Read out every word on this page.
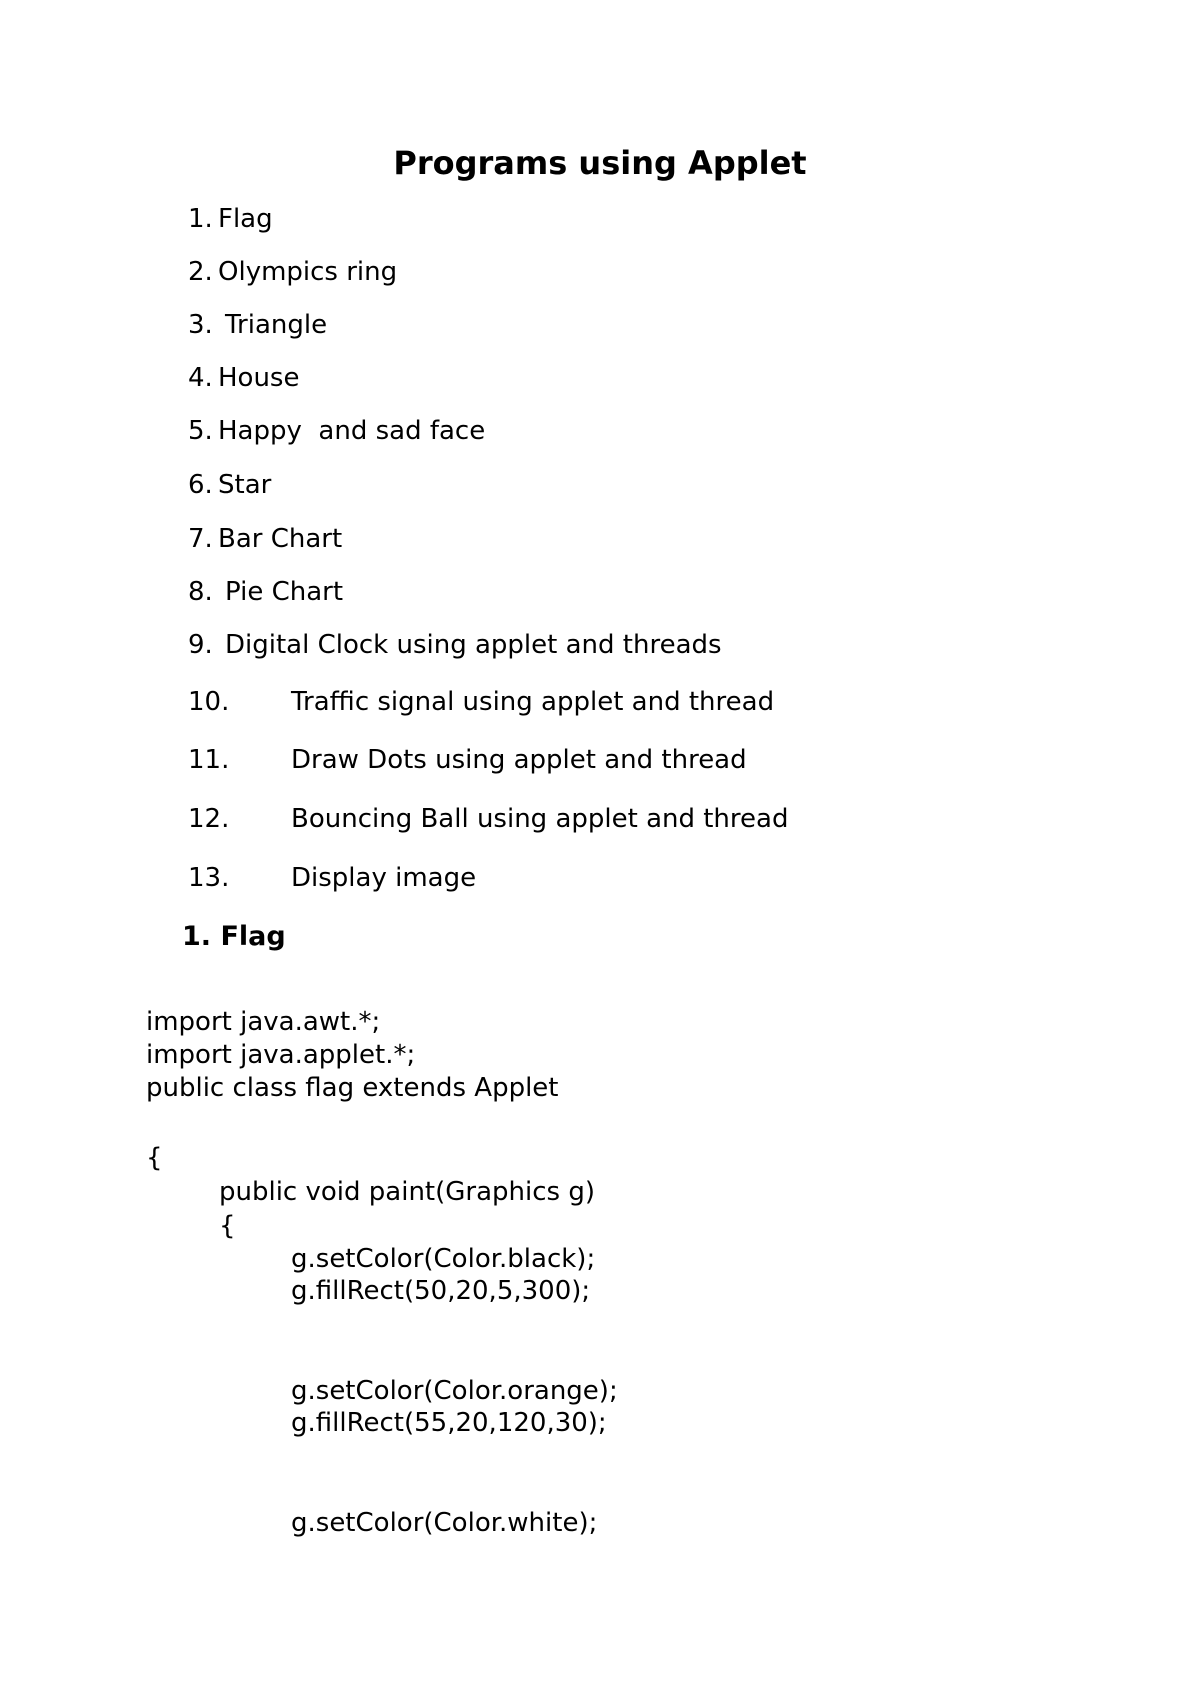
Programs using Applet

1.

Flag

2.

Olympics ring

3.

Triangle

4.

House

5.

Happy  and sad face

6.

Star

7.

Bar Chart

8.

Pie Chart

9.

Digital Clock using applet and threads

10.

Traffic signal using applet and thread

11.

Draw Dots using applet and thread

12.

Bouncing Ball using applet and thread

13.

Display image

1. Flag
import java.awt.*;
import java.applet.*;
public class flag extends Applet
{
public void paint(Graphics g)
{
g.setColor(Color.black);
g.fillRect(50,20,5,300);
g.setColor(Color.orange);
g.fillRect(55,20,120,30);
g.setColor(Color.white);
